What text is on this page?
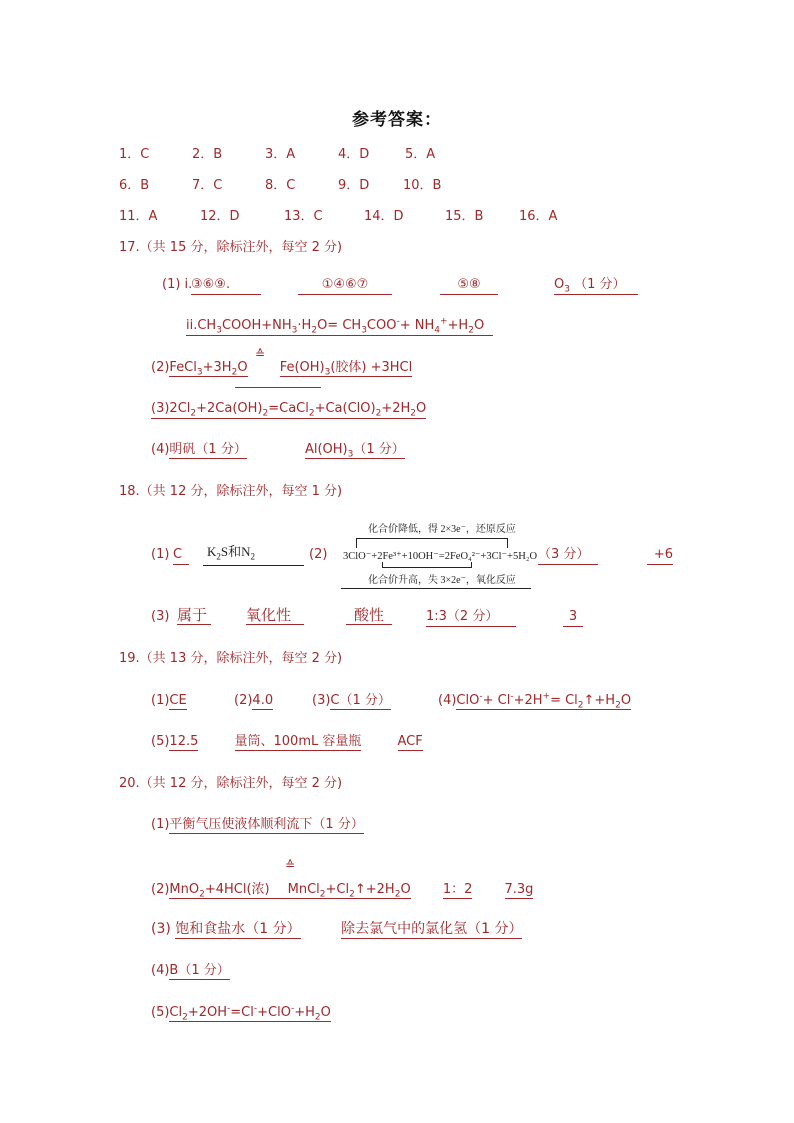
参考答案：
1．C	2．B	3．A	4．D	5．A
6．B	7．C	8．C	9．D	10．B
11．A	12．D	13．C	14．D	15．B	16．A
17.（共 15 分，除标注外，每空 2 分)
(1) i.
③⑥⑨.	①④⑥⑦	⑤⑧	$O_3$ （1 分）
$ii.CH_3COOH+NH_3\cdot H_2O= CH_3COO^-+ NH_4^++H_2O$
$(2)FeCl_3+3H_2O$ $Fe(OH)_3$(胶体) +3HCl
≙
$(3)2Cl_2+2Ca(OH)_2=CaCl_2+Ca(ClO)_2+2H_2O$
(4)明矾（1 分）	$Al(OH)_3(1$ 分）
18.（共 12 分，除标注外，每空 1 分)
(1) C	$K_2S$和$N_2$	(2)
化合价降低，得 2×3e⁻，还原反应
3ClO⁻+2Fe³⁺+10OH⁻=2FeO₄²⁻+3Cl⁻+5H₂O
化合价升高，失 3×2e⁻，氧化反应
（3 分）	+6
(3) 属于	氧化性	酸性	1:3（2 分）	3
19.（共 13 分，除标注外，每空 2 分)
(1)CE	(2)4.0	(3)C（1 分）	$(4)ClO^-+ Cl^-+2H^+= Cl_2↑+H_2O$
(5)12.5	量筒、100mL 容量瓶	ACF
20.（共 12 分，除标注外，每空 2 分)
(1)平衡气压使液体顺利流下（1 分）
≙
(2)MnO$_2$+4HCl(浓) $MnCl_2+Cl_2↑+2H_2O$ 1：2 7.3g
(3) 饱和食盐水（1 分）	除去氯气中的氯化氢（1 分）
(4)B（1 分）
$(5)Cl_2+2OH^-=Cl^-+ClO^-+H_2O$
